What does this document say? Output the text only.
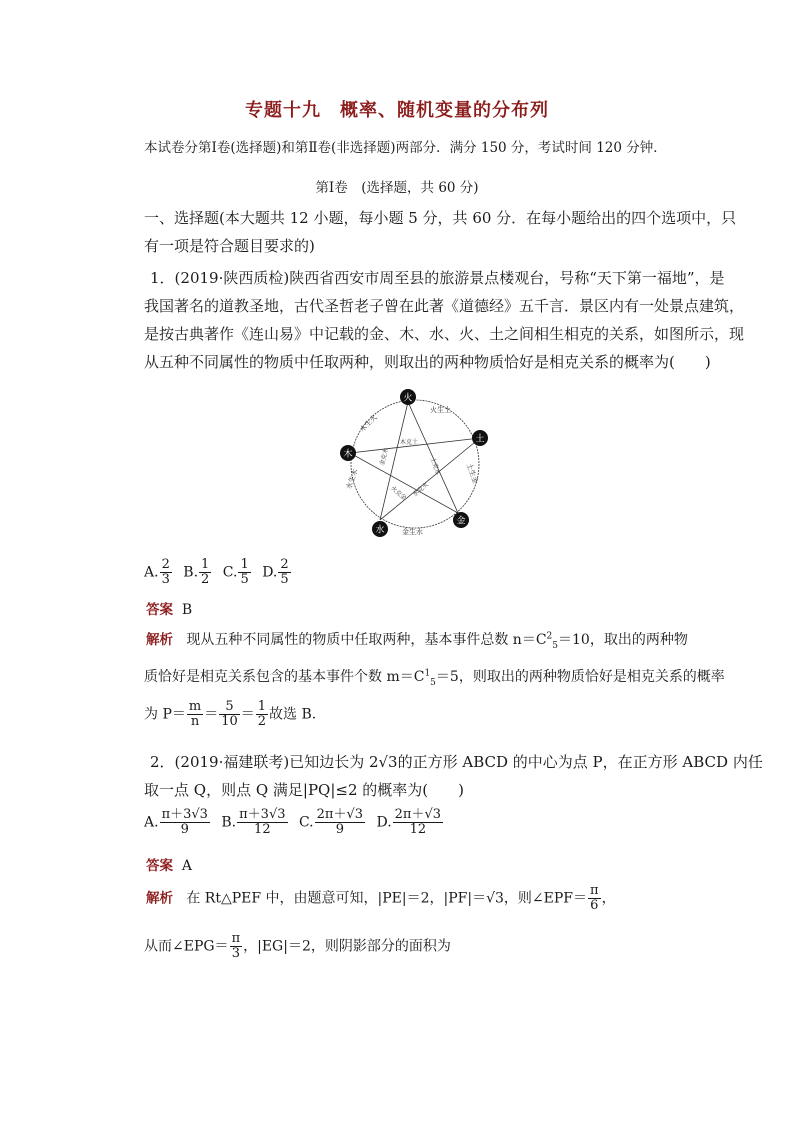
专题十九　概率、随机变量的分布列
本试卷分第Ⅰ卷(选择题)和第Ⅱ卷(非选择题)两部分．满分 150 分，考试时间 120 分钟．
第Ⅰ卷　(选择题，共 60 分)
一、选择题(本大题共 12 小题，每小题 5 分，共 60 分．在每小题给出的四个选项中，只
有一项是符合题目要求的)
1．(2019·陕西质检)陕西省西安市周至县的旅游景点楼观台，号称“天下第一福地”，是
我国著名的道教圣地，古代圣哲老子曾在此著《道德经》五千言．景区内有一处景点建筑，
是按古典著作《连山易》中记载的金、木、水、火、土之间相生相克的关系，如图所示，现
从五种不同属性的物质中任取两种，则取出的两种物质恰好是相克关系的概率为(　　)
火生土
土生金
金生水
水生木
木生火
木克土
土克水
水克火
火克金
金克木
火
土
金
水
木
A. $\frac{2}{3} B$. $\frac{1}{2} C$. $\frac{1}{5} D$. $\frac{2}{5}$
答案 B
解析 现从五种不同属性的物质中任取两种，基本事件总数 $n=C^2_5=10$，取出的两种物
质恰好是相克关系包含的基本事件个数 $m=C^1_5=5$，则取出的两种物质恰好是相克关系的概率
为 $P= \frac{m}{n} = \frac{5}{10} = \frac{1}{2}$ 故选 B.
2．(2019·福建联考)已知边长为 2√3的正方形 ABCD 的中心为点 P，在正方形 ABCD 内任
取一点 Q，则点 Q 满足|PQ|≤2 的概率为(　　)
A. $\frac{\pi+3√3}{9} B$. $\frac{\pi+3√3}{12} C$. $\frac{2\pi+√3}{9} D$. $\frac{2\pi+√3}{12}$
答案 A
解析 在 Rt△PEF 中，由题意可知，|PE|＝2，|PF|＝√3，则∠EPF＝ $\frac{\pi}{6}$ ，
从而∠EPG＝ $\frac{\pi}{3}$ ，|EG|＝2，则阴影部分的面积为
